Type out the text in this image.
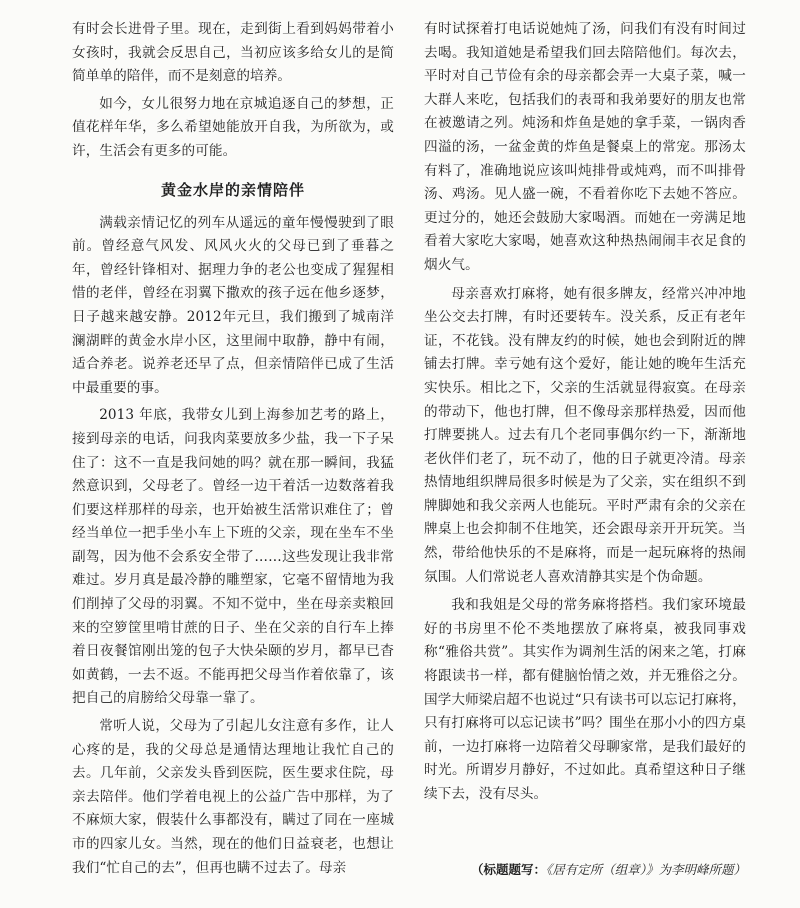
有时会长进骨子里。现在，走到街上看到妈妈带着小女孩时，我就会反思自己，当初应该多给女儿的是简简单单的陪伴，而不是刻意的培养。

如今，女儿很努力地在京城追逐自己的梦想，正值花样年华，多么希望她能放开自我，为所欲为，或许，生活会有更多的可能。

黄金水岸的亲情陪伴

满载亲情记忆的列车从遥远的童年慢慢驶到了眼前。曾经意气风发、风风火火的父母已到了垂暮之年，曾经针锋相对、据理力争的老公也变成了猩猩相惜的老伴，曾经在羽翼下撒欢的孩子远在他乡逐梦，日子越来越安静。2012年元旦，我们搬到了城南洋澜湖畔的黄金水岸小区，这里闹中取静，静中有闹，适合养老。说养老还早了点，但亲情陪伴已成了生活中最重要的事。

2013 年底，我带女儿到上海参加艺考的路上，接到母亲的电话，问我肉菜要放多少盐，我一下子呆住了：这不一直是我问她的吗？就在那一瞬间，我猛然意识到，父母老了。曾经一边干着活一边数落着我们要这样那样的母亲，也开始被生活常识难住了；曾经当单位一把手坐小车上下班的父亲，现在坐车不坐副驾，因为他不会系安全带了……这些发现让我非常难过。岁月真是最冷静的雕塑家，它毫不留情地为我们削掉了父母的羽翼。不知不觉中，坐在母亲卖粮回来的空箩筐里啃甘蔗的日子、坐在父亲的自行车上捧着日夜餐馆刚出笼的包子大快朵颐的岁月，都早已杳如黄鹤，一去不返。不能再把父母当作着依靠了，该把自己的肩膀给父母靠一靠了。

常听人说，父母为了引起儿女注意有多作，让人心疼的是，我的父母总是通情达理地让我忙自己的去。几年前，父亲发头昏到医院，医生要求住院，母亲去陪伴。他们学着电视上的公益广告中那样，为了不麻烦大家，假装什么事都没有，瞒过了同在一座城市的四家儿女。当然，现在的他们日益衰老，也想让我们“忙自己的去”，但再也瞒不过去了。母亲

有时试探着打电话说她炖了汤，问我们有没有时间过去喝。我知道她是希望我们回去陪陪他们。每次去，平时对自己节俭有余的母亲都会弄一大桌子菜，喊一大群人来吃，包括我们的表哥和我弟要好的朋友也常在被邀请之列。炖汤和炸鱼是她的拿手菜，一锅肉香四溢的汤，一盆金黄的炸鱼是餐桌上的常宠。那汤太有料了，准确地说应该叫炖排骨或炖鸡，而不叫排骨汤、鸡汤。见人盛一碗，不看着你吃下去她不答应。更过分的，她还会鼓励大家喝酒。而她在一旁满足地看着大家吃大家喝，她喜欢这种热热闹闹丰衣足食的烟火气。

母亲喜欢打麻将，她有很多牌友，经常兴冲冲地坐公交去打牌，有时还要转车。没关系，反正有老年证，不花钱。没有牌友约的时候，她也会到附近的牌铺去打牌。幸亏她有这个爱好，能让她的晚年生活充实快乐。相比之下，父亲的生活就显得寂寞。在母亲的带动下，他也打牌，但不像母亲那样热爱，因而他打牌要挑人。过去有几个老同事偶尔约一下，渐渐地老伙伴们老了，玩不动了，他的日子就更冷清。母亲热情地组织牌局很多时候是为了父亲，实在组织不到牌脚她和我父亲两人也能玩。平时严肃有余的父亲在牌桌上也会抑制不住地笑，还会跟母亲开开玩笑。当然，带给他快乐的不是麻将，而是一起玩麻将的热闹氛围。人们常说老人喜欢清静其实是个伪命题。

我和我姐是父母的常务麻将搭档。我们家环境最好的书房里不伦不类地摆放了麻将桌，被我同事戏称“雅俗共赏”。其实作为调剂生活的闲来之笔，打麻将跟读书一样，都有健脑怡情之效，并无雅俗之分。国学大师梁启超不也说过“只有读书可以忘记打麻将，只有打麻将可以忘记读书”吗？围坐在那小小的四方桌前，一边打麻将一边陪着父母聊家常，是我们最好的时光。所谓岁月静好，不过如此。真希望这种日子继续下去，没有尽头。

（标题题写：《居有定所（组章）》为李明峰所题）
